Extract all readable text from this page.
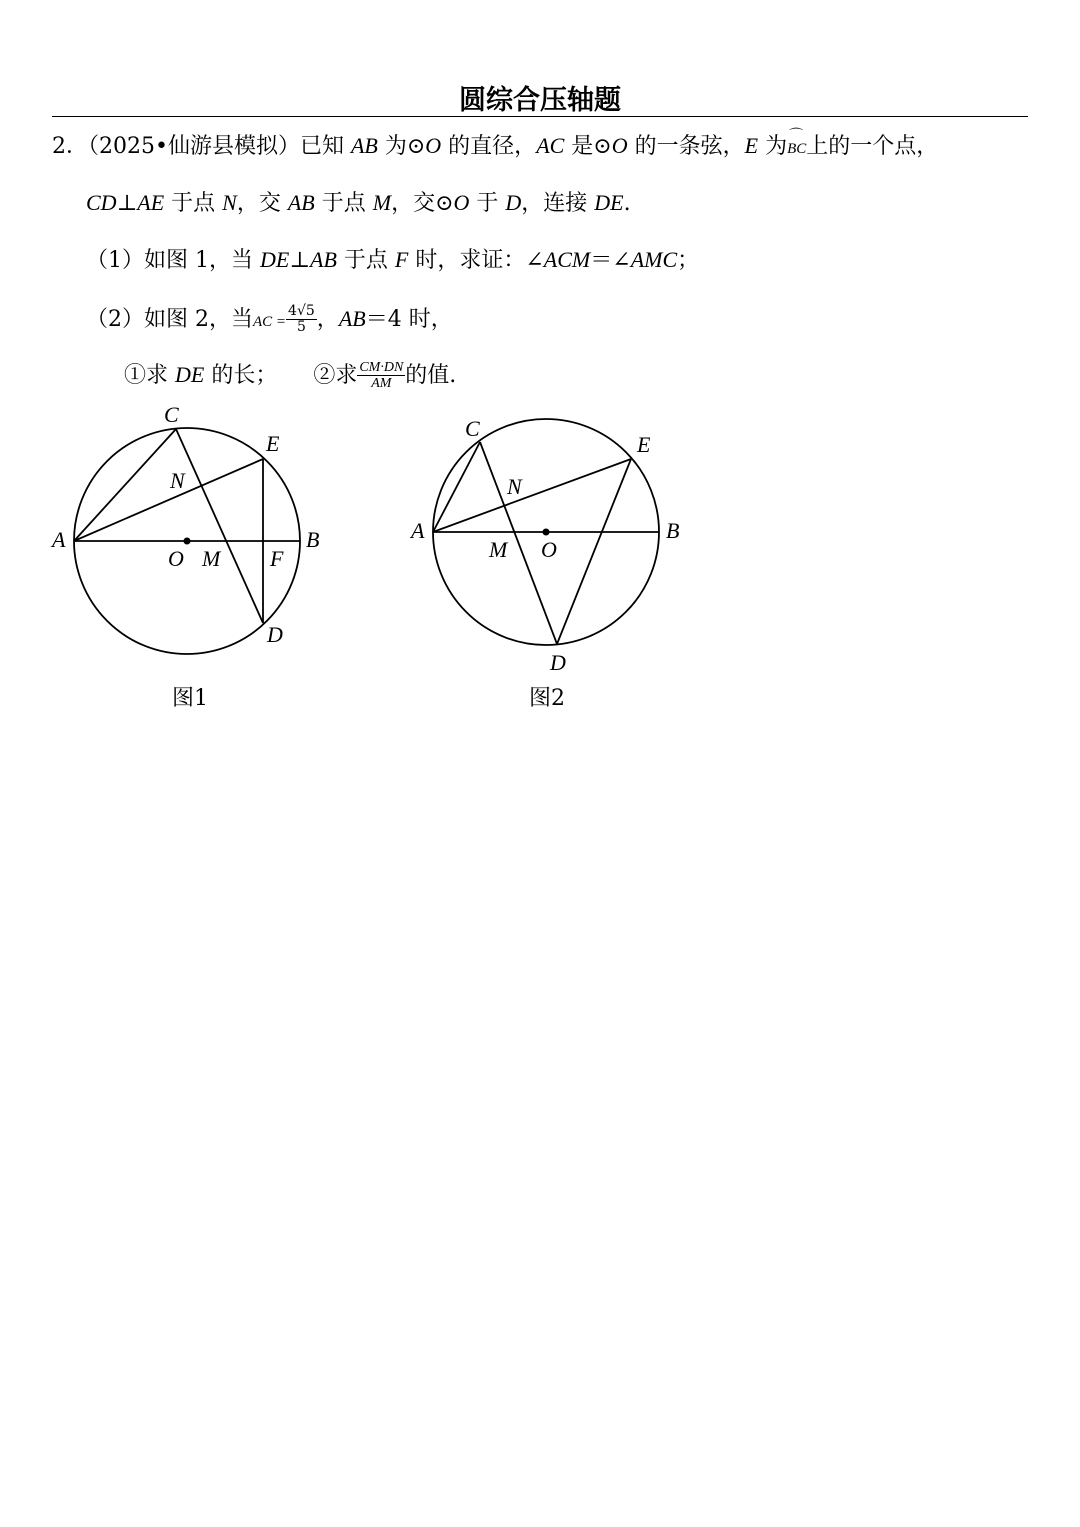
圆综合压轴题
2．（2025•仙游县模拟）已知 AB 为⊙O 的直径，AC 是⊙O 的一条弦，E 为⌒ BC上的一个点，
CD⊥AE 于点 N，交 AB 于点 M，交⊙O 于 D，连接 DE.
（1）如图 1，当 DE⊥AB 于点 F 时，求证：∠ACM＝∠AMC；
（2）如图 2，当AC = $\frac{4√5}{5}$ ，AB＝4 时，
①求 DE 的长； ②求 $\frac{CM\cdot DN}{AM}$ 的值.
C
E
N
A	B
O M F
D
C
E
N
A	B
M O
D
图1	图2
